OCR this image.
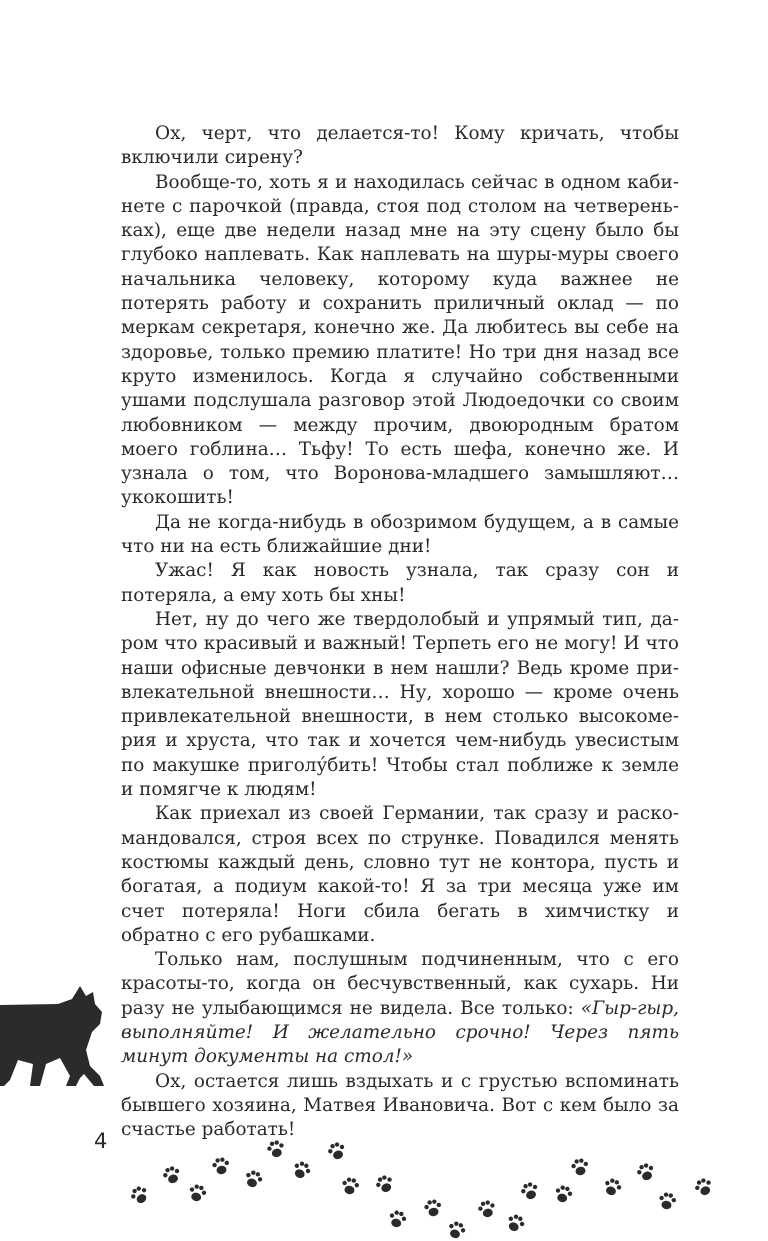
Ох, черт, что делается-то! Кому кричать, чтобы включили сирену?

Вообще-то, хоть я и находилась сейчас в одном кабинете с парочкой (правда, стоя под столом на четвереньках), еще две недели назад мне на эту сцену было бы глубоко наплевать. Как наплевать на шуры-муры своего начальника человеку, которому куда важнее не потерять работу и сохранить приличный оклад — по меркам секретаря, конечно же. Да любитесь вы себе на здоровье, только премию платите! Но три дня назад все круто изменилось. Когда я случайно собственными ушами подслушала разговор этой Людоедочки со своим любовником — между прочим, двоюродным братом моего гоблина… Тьфу! То есть шефа, конечно же. И узнала о том, что Воронова-младшего замышляют… укокошить!

Да не когда-нибудь в обозримом будущем, а в самые что ни на есть ближайшие дни!

Ужас! Я как новость узнала, так сразу сон и потеряла, а ему хоть бы хны!

Нет, ну до чего же твердолобый и упрямый тип, даром что красивый и важный! Терпеть его не могу! И что наши офисные девчонки в нем нашли? Ведь кроме привлекательной внешности… Ну, хорошо — кроме очень привлекательной внешности, в нем столько высокомерия и хруста, что так и хочется чем-нибудь увесистым по макушке приголу́бить! Чтобы стал поближе к земле и помягче к людям!

Как приехал из своей Германии, так сразу и раскомандовался, строя всех по струнке. Повадился менять костюмы каждый день, словно тут не контора, пусть и богатая, а подиум какой-то! Я за три месяца уже им счет потеряла! Ноги сбила бегать в химчистку и обратно с его рубашками.

Только нам, послушным подчиненным, что с его красоты-то, когда он бесчувственный, как сухарь. Ни разу не улыбающимся не видела. Все только: «Гыр-гыр, выполняйте! И желательно срочно! Через пять минут документы на стол!»

Ох, остается лишь вздыхать и с грустью вспоминать бывшего хозяина, Матвея Ивановича. Вот с кем было за счастье работать!

4
